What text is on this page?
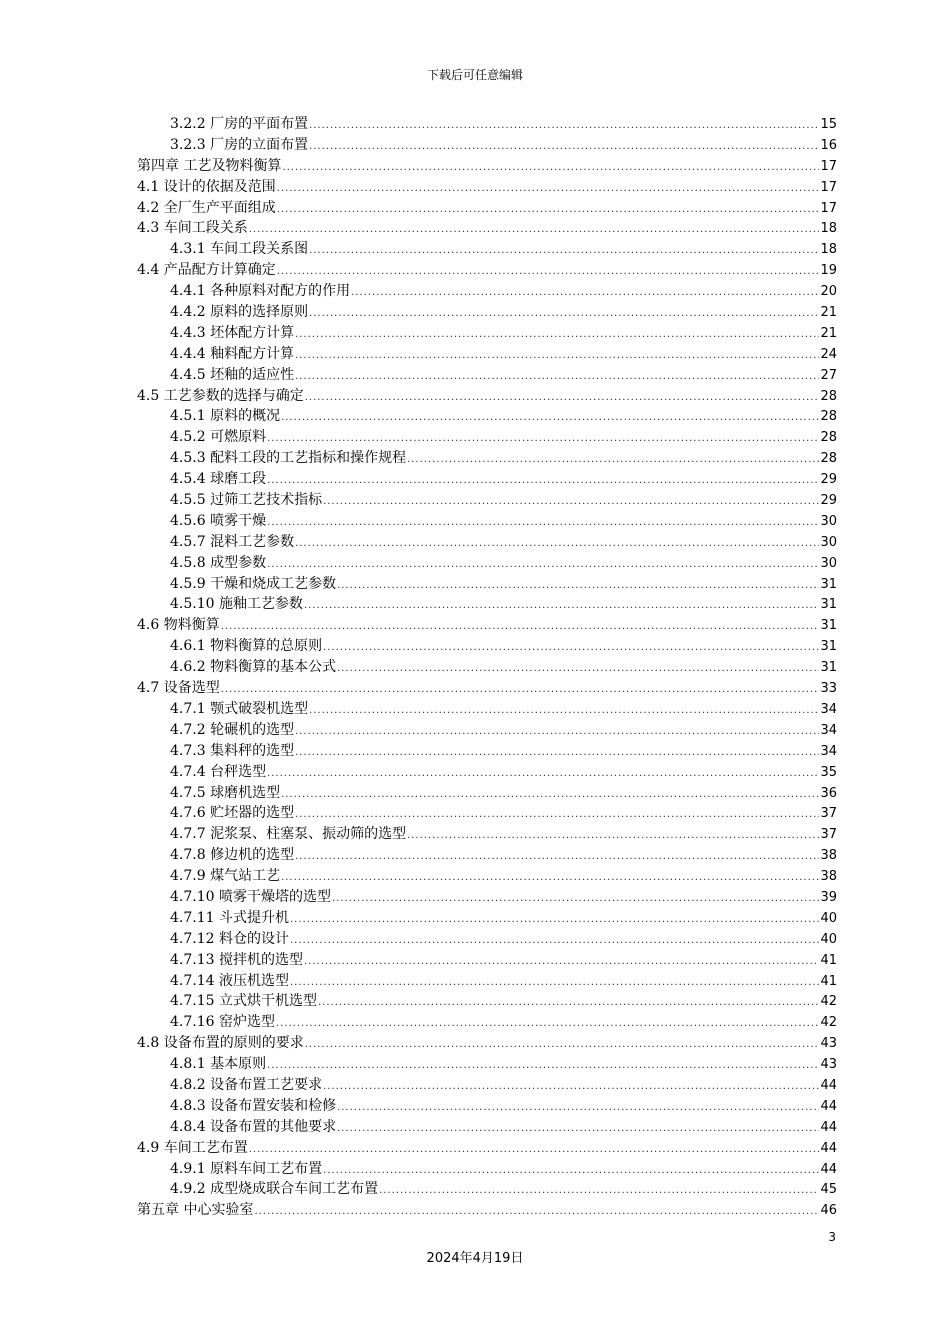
下载后可任意编辑
3.2.2 厂房的平面布置 .....	15
3.2.3 厂房的立面布置 .....	16
第四章 工艺及物料衡算 .....	17
4.1 设计的依据及范围 .....	17
4.2 全厂生产平面组成 .....	17
4.3 车间工段关系 .....	18
4.3.1 车间工段关系图 .....	18
4.4 产品配方计算确定 .....	19
4.4.1 各种原料对配方的作用 .....	20
4.4.2 原料的选择原则 .....	21
4.4.3 坯体配方计算 .....	21
4.4.4 釉料配方计算 .....	24
4.4.5 坯釉的适应性 .....	27
4.5 工艺参数的选择与确定 .....	28
4.5.1 原料的概况 .....	28
4.5.2 可燃原料 .....	28
4.5.3 配料工段的工艺指标和操作规程 .....	28
4.5.4 球磨工段 .....	29
4.5.5 过筛工艺技术指标 .....	29
4.5.6 喷雾干燥 .....	30
4.5.7 混料工艺参数 .....	30
4.5.8 成型参数 .....	30
4.5.9 干燥和烧成工艺参数 .....	31
4.5.10 施釉工艺参数 .....	31
4.6 物料衡算 .....	31
4.6.1 物料衡算的总原则 .....	31
4.6.2 物料衡算的基本公式 .....	31
4.7 设备选型 .....	33
4.7.1 颚式破裂机选型 .....	34
4.7.2 轮碾机的选型 .....	34
4.7.3 集料秤的选型 .....	34
4.7.4 台秤选型 .....	35
4.7.5 球磨机选型 .....	36
4.7.6 贮坯器的选型 .....	37
4.7.7 泥浆泵、柱塞泵、振动筛的选型 .....	37
4.7.8 修边机的选型 .....	38
4.7.9 煤气站工艺 .....	38
4.7.10 喷雾干燥塔的选型 .....	39
4.7.11 斗式提升机 .....	40
4.7.12 料仓的设计 .....	40
4.7.13 搅拌机的选型 .....	41
4.7.14 液压机选型 .....	41
4.7.15 立式烘干机选型 .....	42
4.7.16 窑炉选型 .....	42
4.8 设备布置的原则的要求 .....	43
4.8.1 基本原则 .....	43
4.8.2 设备布置工艺要求 .....	44
4.8.3 设备布置安装和检修 .....	44
4.8.4 设备布置的其他要求 .....	44
4.9 车间工艺布置 .....	44
4.9.1 原料车间工艺布置 .....	44
4.9.2 成型烧成联合车间工艺布置 .....	45
第五章 中心实验室 .....	46
3
2024年4月19日
